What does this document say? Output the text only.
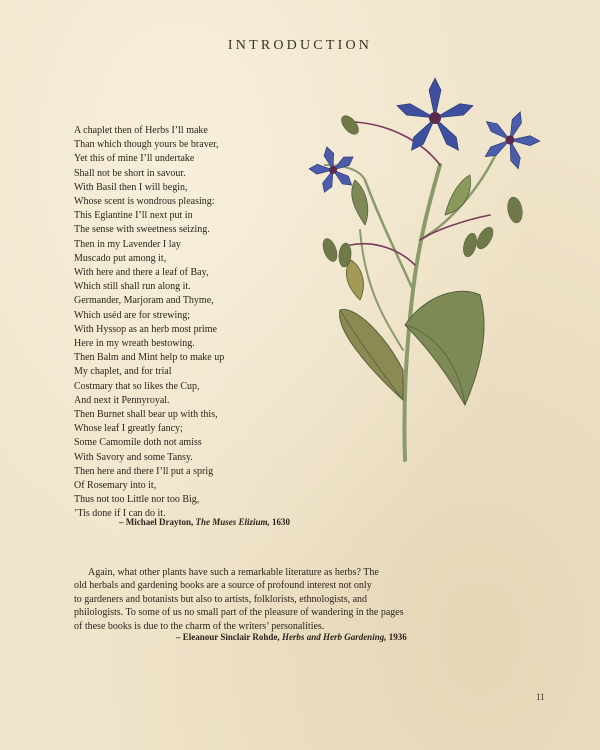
INTRODUCTION
A chaplet then of Herbs I’ll make
Than which though yours be braver,
Yet this of mine I’ll undertake
Shall not be short in savour.
With Basil then I will begin,
Whose scent is wondrous pleasing:
This Eglantine I’ll next put in
The sense with sweetness seizing.
Then in my Lavender I lay
Muscado put among it,
With here and there a leaf of Bay,
Which still shall run along it.
Germander, Marjoram and Thyme,
Which uséd are for strewing;
With Hyssop as an herb most prime
Here in my wreath bestowing.
Then Balm and Mint help to make up
My chaplet, and for trial
Costmary that so likes the Cup,
And next it Pennyroyal.
Then Burnet shall bear up with this,
Whose leaf I greatly fancy;
Some Camomile doth not amiss
With Savory and some Tansy.
Then here and there I’ll put a sprig
Of Rosemary into it,
Thus not too Little nor too Big,
’Tis done if I can do it.
– Michael Drayton, The Muses Elizium, 1630
Again, what other plants have such a remarkable literature as herbs? The
old herbals and gardening books are a source of profound interest not only
to gardeners and botanists but also to artists, folklorists, ethnologists, and
philologists. To some of us no small part of the pleasure of wandering in the pages
of these books is due to the charm of the writers’ personalities.
– Eleanour Sinclair Rohde, Herbs and Herb Gardening, 1936
11
